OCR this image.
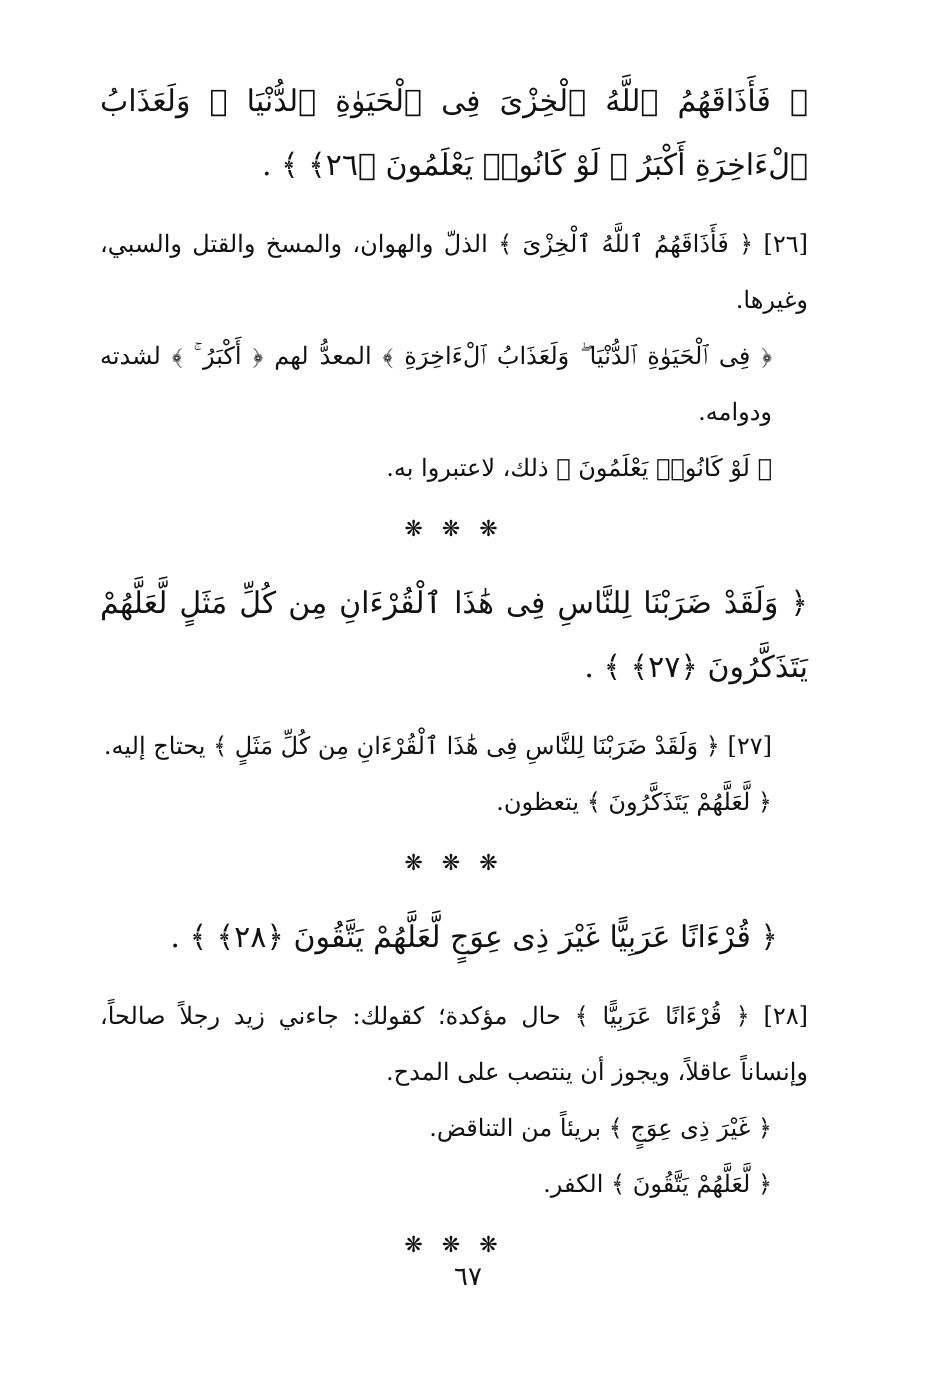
﴿ فَأَذَاقَهُمُ ٱللَّهُ ٱلْخِزْىَ فِى ٱلْحَيَوٰةِ ٱلدُّنْيَا ۖ وَلَعَذَابُ ٱلْءَاخِرَةِ أَكْبَرُ ۚ لَوْ كَانُوا۟ يَعْلَمُونَ ﴿٢٦﴾ ﴾ .

[٢٦] ﴿ فَأَذَاقَهُمُ ٱللَّهُ ٱلْخِزْىَ ﴾ الذلّ والهوان، والمسخ والقتل والسبي، وغيرها.

﴿ فِى ٱلْحَيَوٰةِ ٱلدُّنْيَا ۖ وَلَعَذَابُ ٱلْءَاخِرَةِ ﴾ المعدُّ لهم ﴿ أَكْبَرُ ۚ ﴾ لشدته ودوامه.

﴿ لَوْ كَانُوا۟ يَعْلَمُونَ ﴾ ذلك، لاعتبروا به.

❋ ❋ ❋

﴿ وَلَقَدْ ضَرَبْنَا لِلنَّاسِ فِى هَٰذَا ٱلْقُرْءَانِ مِن كُلِّ مَثَلٍ لَّعَلَّهُمْ يَتَذَكَّرُونَ ﴿٢٧﴾ ﴾ .

[٢٧] ﴿ وَلَقَدْ ضَرَبْنَا لِلنَّاسِ فِى هَٰذَا ٱلْقُرْءَانِ مِن كُلِّ مَثَلٍ ﴾ يحتاج إليه.

﴿ لَّعَلَّهُمْ يَتَذَكَّرُونَ ﴾ يتعظون.

❋ ❋ ❋

﴿ قُرْءَانًا عَرَبِيًّا غَيْرَ ذِى عِوَجٍ لَّعَلَّهُمْ يَتَّقُونَ ﴿٢٨﴾ ﴾ .

[٢٨] ﴿ قُرْءَانًا عَرَبِيًّا ﴾ حال مؤكدة؛ كقولك: جاءني زيد رجلاً صالحاً، وإنساناً عاقلاً، ويجوز أن ينتصب على المدح.

﴿ غَيْرَ ذِى عِوَجٍ ﴾ بريئاً من التناقض.

﴿ لَّعَلَّهُمْ يَتَّقُونَ ﴾ الكفر.

❋ ❋ ❋
٦٧
